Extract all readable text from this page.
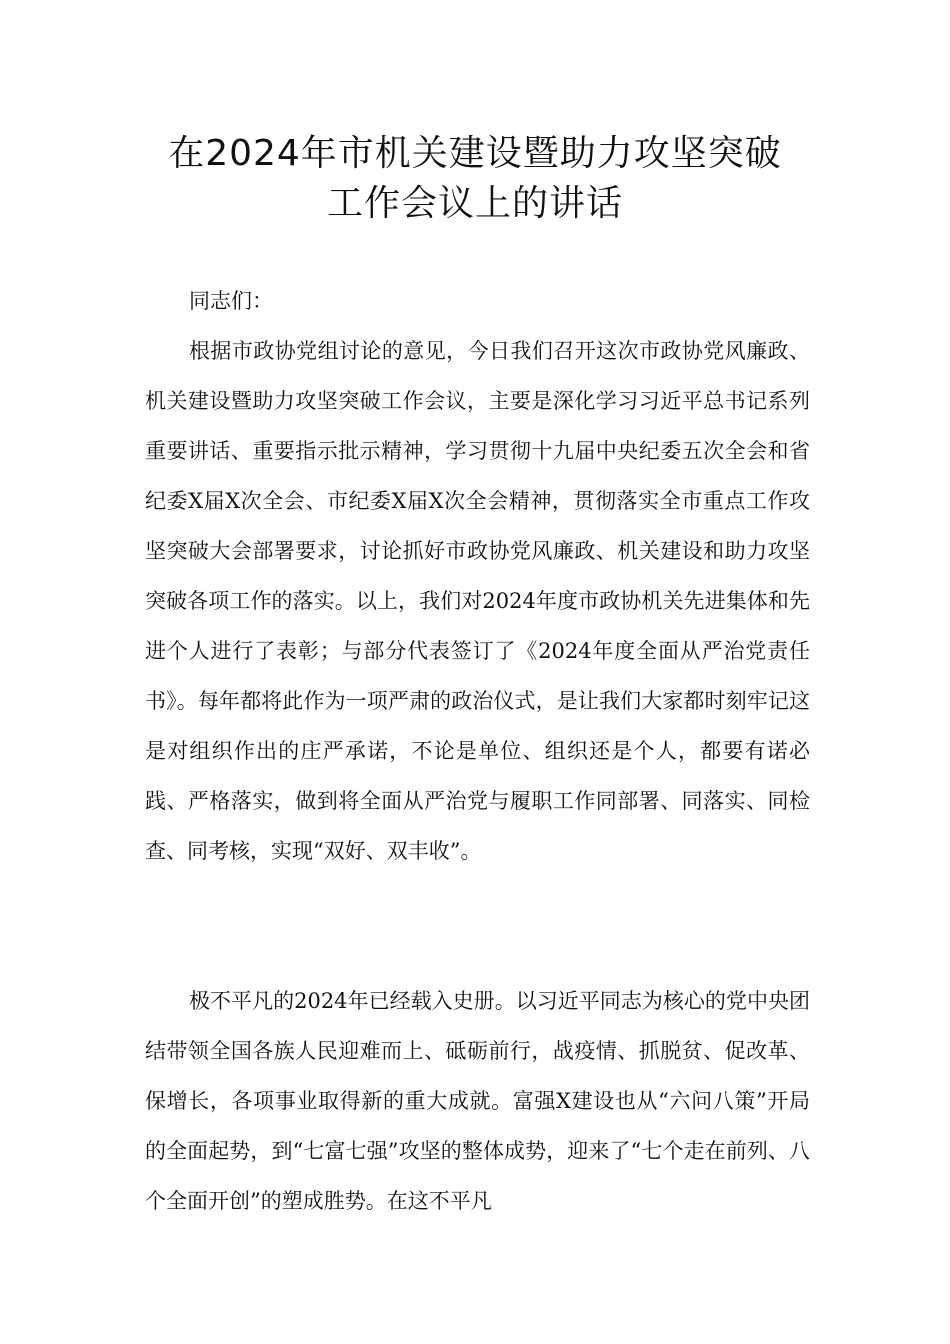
在2024年市机关建设暨助力攻坚突破
工作会议上的讲话

同志们：

根据市政协党组讨论的意见，今日我们召开这次市政协党风廉政、机关建设暨助力攻坚突破工作会议，主要是深化学习习近平总书记系列重要讲话、重要指示批示精神，学习贯彻十九届中央纪委五次全会和省纪委X届X次全会、市纪委X届X次全会精神，贯彻落实全市重点工作攻坚突破大会部署要求，讨论抓好市政协党风廉政、机关建设和助力攻坚突破各项工作的落实。以上，我们对2024年度市政协机关先进集体和先进个人进行了表彰；与部分代表签订了《2024年度全面从严治党责任书》。每年都将此作为一项严肃的政治仪式，是让我们大家都时刻牢记这是对组织作出的庄严承诺，不论是单位、组织还是个人，都要有诺必践、严格落实，做到将全面从严治党与履职工作同部署、同落实、同检查、同考核，实现“双好、双丰收”。

极不平凡的2024年已经载入史册。以习近平同志为核心的党中央团结带领全国各族人民迎难而上、砥砺前行，战疫情、抓脱贫、促改革、保增长，各项事业取得新的重大成就。富强X建设也从“六问八策”开局的全面起势，到“七富七强”攻坚的整体成势，迎来了“七个走在前列、八个全面开创”的塑成胜势。在这不平凡
